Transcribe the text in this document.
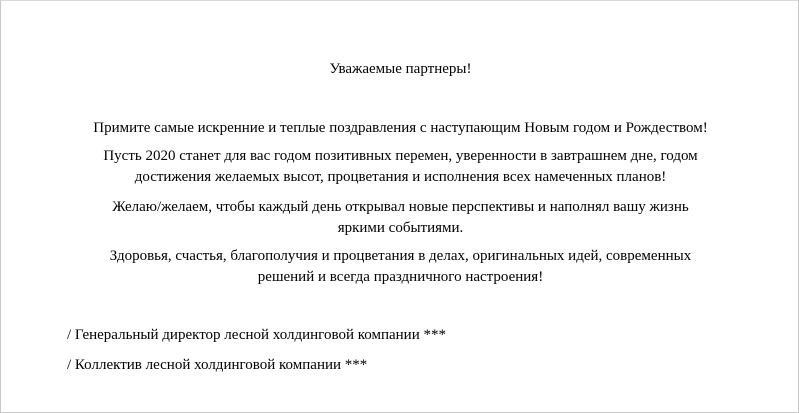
Уважаемые партнеры!
Примите самые искренние и теплые поздравления с наступающим Новым годом и Рождеством!
Пусть 2020 станет для вас годом позитивных перемен, уверенности в завтрашнем дне, годом
достижения желаемых высот, процветания и исполнения всех намеченных планов!
Желаю/желаем, чтобы каждый день открывал новые перспективы и наполнял вашу жизнь
яркими событиями.
Здоровья, счастья, благополучия и процветания в делах, оригинальных идей, современных
решений и всегда праздничного настроения!
/ Генеральный директор лесной холдинговой компании ***
/ Коллектив лесной холдинговой компании ***
